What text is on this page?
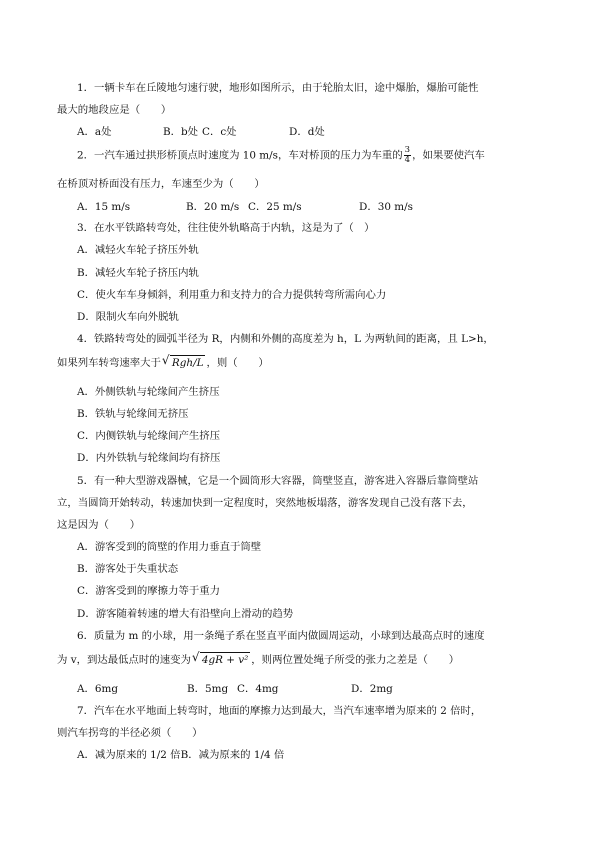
1．一辆卡车在丘陵地匀速行驶，地形如图所示，由于轮胎太旧，途中爆胎，爆胎可能性
最大的地段应是（　　）
A．a处	B．b处 C．c处	D．d处
2．一汽车通过拱形桥顶点时速度为 10 m/s，车对桥顶的压力为车重的 $\frac{3}{4}$ ，如果要使汽车
在桥顶对桥面没有压力，车速至少为（　　）
A．15 m/s	B．20 m/s C．25 m/s	D．30 m/s
3．在水平铁路转弯处，往往使外轨略高于内轨，这是为了（　）
A．减轻火车轮子挤压外轨
B．减轻火车轮子挤压内轨
C．使火车车身倾斜，利用重力和支持力的合力提供转弯所需向心力
D．限制火车向外脱轨
4．铁路转弯处的圆弧半径为 R，内侧和外侧的高度差为 h，L 为两轨间的距离，且 L>h，
如果列车转弯速率大于 √ Rgh/L ，则（　　）
A．外侧铁轨与轮缘间产生挤压
B．铁轨与轮缘间无挤压
C．内侧铁轨与轮缘间产生挤压
D．内外铁轨与轮缘间均有挤压
5．有一种大型游戏器械，它是一个圆筒形大容器，筒壁竖直，游客进入容器后靠筒壁站
立，当圆筒开始转动，转速加快到一定程度时，突然地板塌落，游客发现自己没有落下去，
这是因为（　　）
A．游客受到的筒壁的作用力垂直于筒壁
B．游客处于失重状态
C．游客受到的摩擦力等于重力
D．游客随着转速的增大有沿壁向上滑动的趋势
6．质量为 m 的小球，用一条绳子系在竖直平面内做圆周运动，小球到达最高点时的速度
为 v，到达最低点时的速变为 √ 4gR + v² ，则两位置处绳子所受的张力之差是（　　）
A．6mg	B．5mg C．4mg	D．2mg
7．汽车在水平地面上转弯时，地面的摩擦力达到最大，当汽车速率增为原来的 2 倍时，
则汽车拐弯的半径必须（　　）
A．减为原来的 1/2 倍B．减为原来的 1/4 倍
